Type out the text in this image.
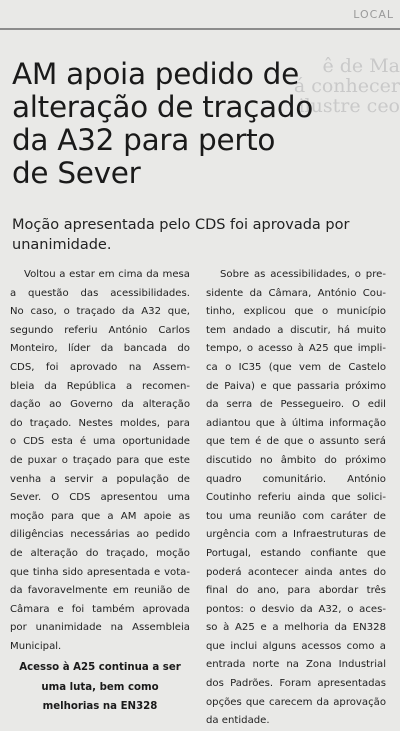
LOCAL
ê de Ma
á conhecer
ilustre ceo
AM apoia pedido de
alteração de traçado
da A32 para perto
de Sever
Moção apresentada pelo CDS foi aprovada por
unanimidade.
Voltou a estar em cima da mesa
a questão das acessibilidades.
No caso, o traçado da A32 que,
segundo referiu António Carlos
Monteiro, líder da bancada do
CDS, foi aprovado na Assem-
bleia da República a recomen-
dação ao Governo da alteração
do traçado. Nestes moldes, para
o CDS esta é uma oportunidade
de puxar o traçado para que este
venha a servir a população de
Sever. O CDS apresentou uma
moção para que a AM apoie as
diligências necessárias ao pedido
de alteração do traçado, moção
que tinha sido apresentada e vota-
da favoravelmente em reunião de
Câmara e foi também aprovada
por unanimidade na Assembleia
Municipal.
Sobre as acessibilidades, o pre-
sidente da Câmara, António Cou-
tinho, explicou que o município
tem andado a discutir, há muito
tempo, o acesso à A25 que impli-
ca o IC35 (que vem de Castelo
de Paiva) e que passaria próximo
da serra de Pessegueiro. O edil
adiantou que à última informação
que tem é de que o assunto será
discutido no âmbito do próximo
quadro comunitário. António
Coutinho referiu ainda que solici-
tou uma reunião com caráter de
urgência com a Infraestruturas de
Portugal, estando confiante que
poderá acontecer ainda antes do
final do ano, para abordar três
pontos: o desvio da A32, o aces-
so à A25 e a melhoria da EN328
que inclui alguns acessos como a
entrada norte na Zona Industrial
dos Padrões. Foram apresentadas
opções que carecem da aprovação
da entidade.
Acesso à A25 continua a ser
uma luta, bem como
melhorias na EN328
